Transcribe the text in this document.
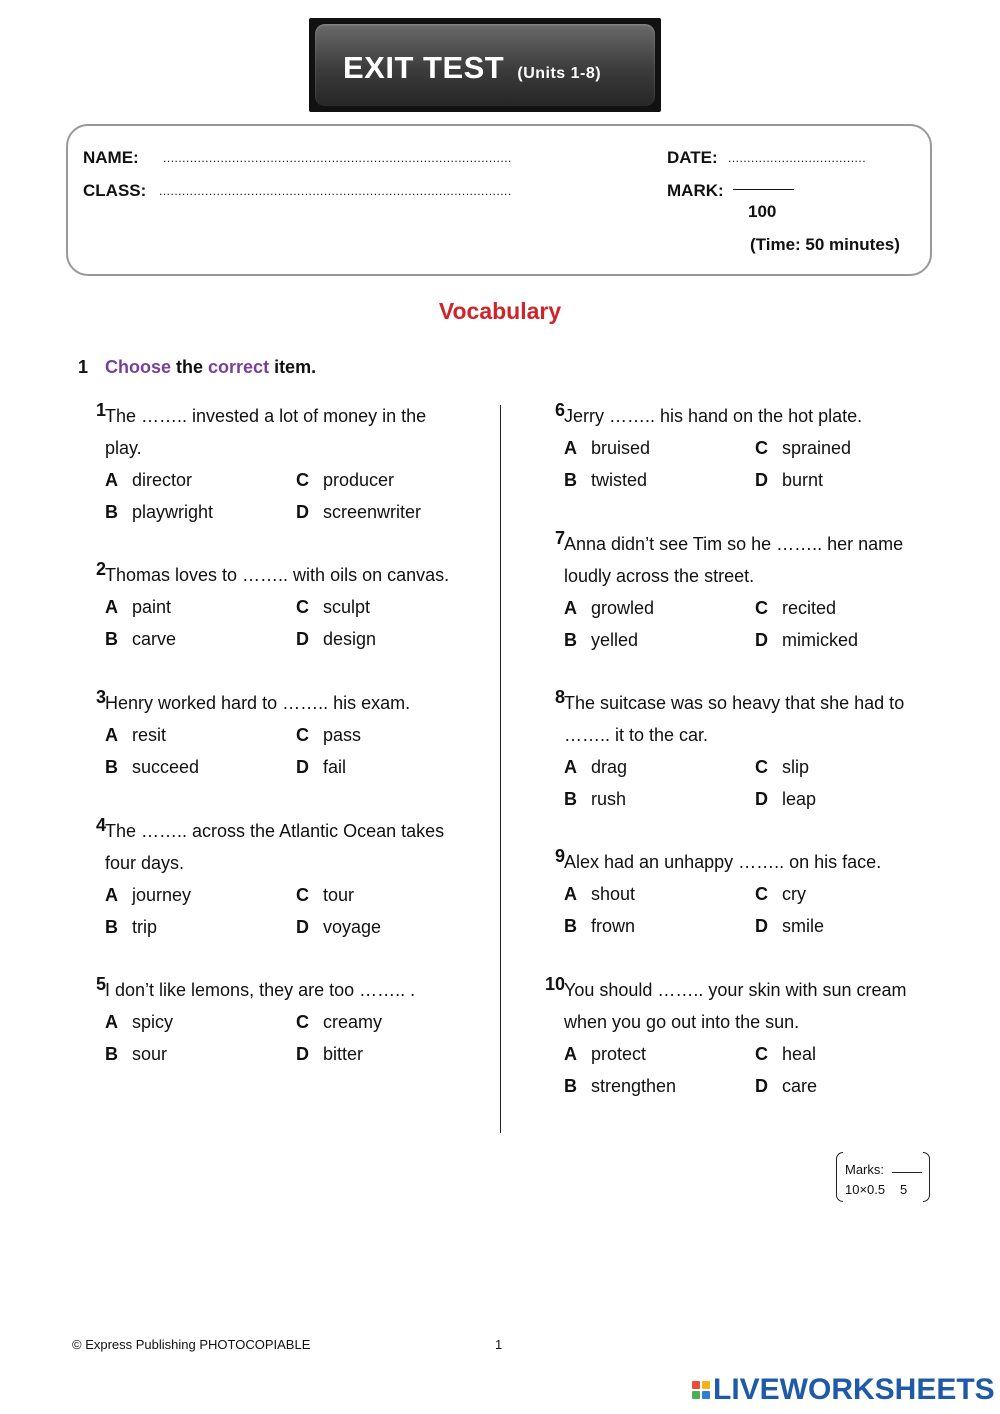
EXIT TEST (Units 1-8)
NAME: ...........................................................................................	DATE: ....................................
CLASS: ............................................................................................	MARK:
100
(Time: 50 minutes)
Vocabulary
1 Choose the correct item.
1 The …….. invested a lot of money in the play.
A director	C producer
B playwright	D screenwriter
2 Thomas loves to …….. with oils on canvas.
A paint	C sculpt
B carve	D design
3 Henry worked hard to …….. his exam.
A resit	C pass
B succeed	D fail
4 The …….. across the Atlantic Ocean takes four days.
A journey	C tour
B trip	D voyage
5 I don’t like lemons, they are too …….. .
A spicy	C creamy
B sour	D bitter
6 Jerry …….. his hand on the hot plate.
A bruised	C sprained
B twisted	D burnt
7 Anna didn’t see Tim so he …….. her name loudly across the street.
A growled	C recited
B yelled	D mimicked
8 The suitcase was so heavy that she had to …….. it to the car.
A drag	C slip
B rush	D leap
9 Alex had an unhappy …….. on his face.
A shout	C cry
B frown	D smile
10 You should …….. your skin with sun cream when you go out into the sun.
A protect	C heal
B strengthen	D care
Marks:
10×0.5 5
© Express Publishing PHOTOCOPIABLE	1
LIVEWORKSHEETS
